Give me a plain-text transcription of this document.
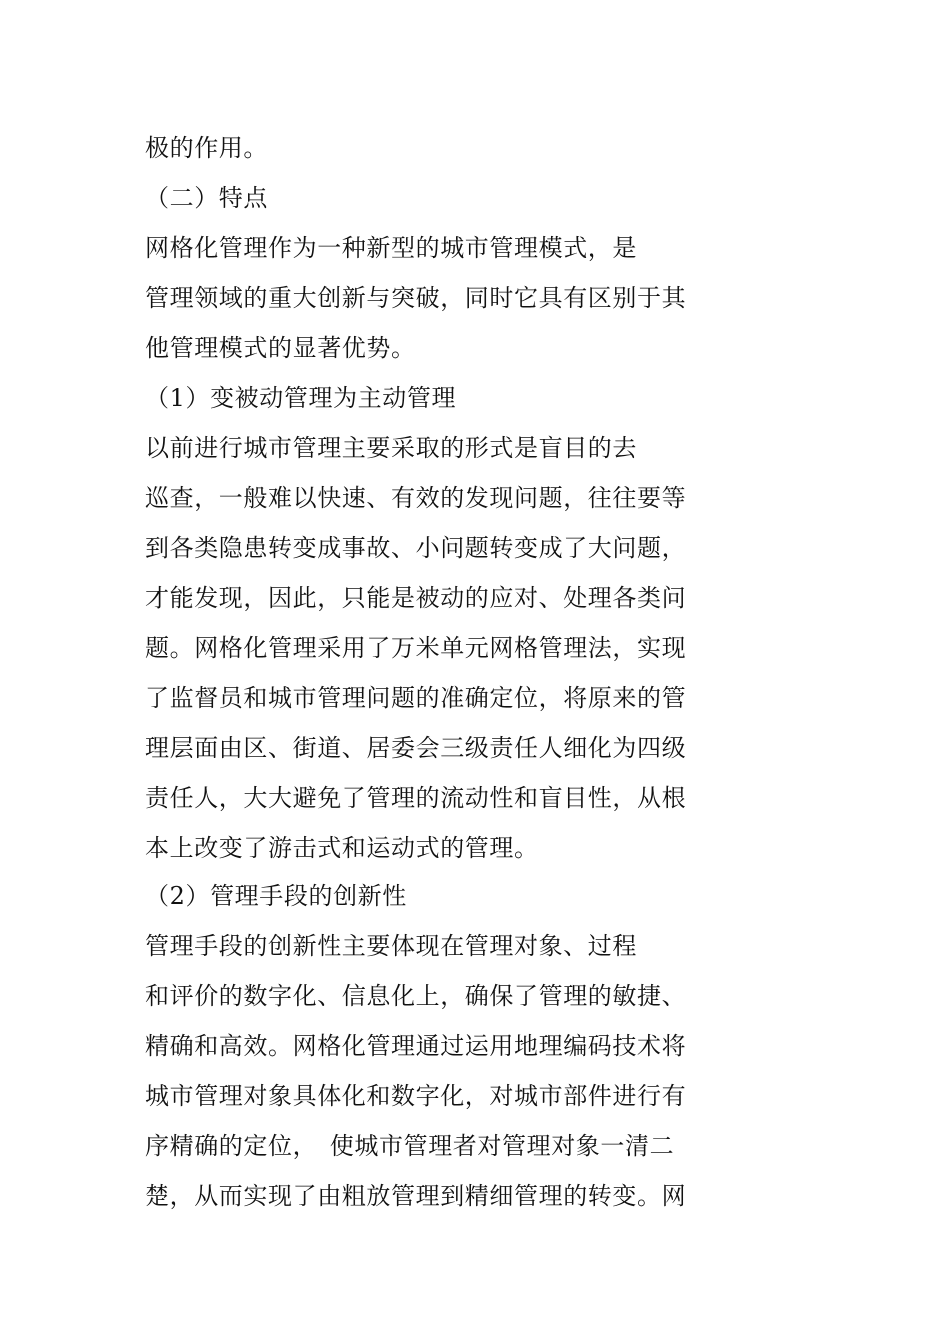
极的作用。
（二）特点
网格化管理作为一种新型的城市管理模式，是
管理领域的重大创新与突破，同时它具有区别于其
他管理模式的显著优势。
（1）变被动管理为主动管理
以前进行城市管理主要采取的形式是盲目的去
巡查，一般难以快速、有效的发现问题，往往要等
到各类隐患转变成事故、小问题转变成了大问题，
才能发现，因此，只能是被动的应对、处理各类问
题。网格化管理采用了万米单元网格管理法，实现
了监督员和城市管理问题的准确定位，将原来的管
理层面由区、街道、居委会三级责任人细化为四级
责任人，大大避免了管理的流动性和盲目性，从根
本上改变了游击式和运动式的管理。
（2）管理手段的创新性
管理手段的创新性主要体现在管理对象、过程
和评价的数字化、信息化上，确保了管理的敏捷、
精确和高效。网格化管理通过运用地理编码技术将
城市管理对象具体化和数字化，对城市部件进行有
序精确的定位，　使城市管理者对管理对象一清二
楚，从而实现了由粗放管理到精细管理的转变。网
